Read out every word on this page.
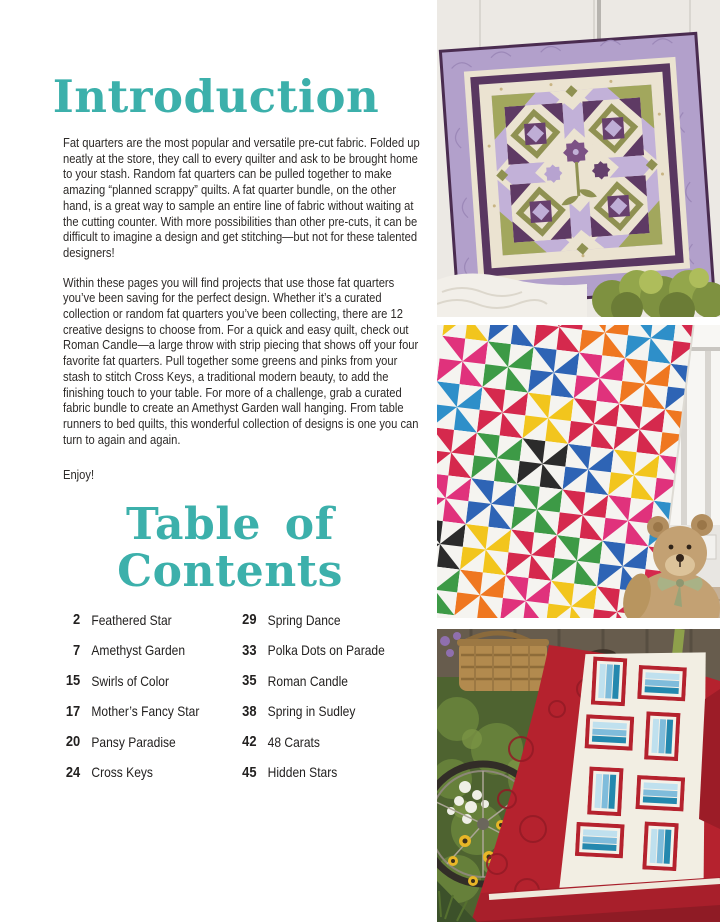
Introduction

Fat quarters are the most popular and versatile pre-cut fabric. Folded up neatly at the store, they call to every quilter and ask to be brought home to your stash. Random fat quarters can be pulled together to make amazing “planned scrappy” quilts. A fat quarter bundle, on the other hand, is a great way to sample an entire line of fabric without waiting at the cutting counter. With more possibilities than other pre-cuts, it can be difficult to imagine a design and get stitching—but not for these talented designers!

Within these pages you will find projects that use those fat quarters you’ve been saving for the perfect design. Whether it’s a curated collection or random fat quarters you’ve been collecting, there are 12 creative designs to choose from. For a quick and easy quilt, check out Roman Candle—a large throw with strip piecing that shows off your four favorite fat quarters. Pull together some greens and pinks from your stash to stitch Cross Keys, a traditional modern beauty, to add the finishing touch to your table. For more of a challenge, grab a curated fabric bundle to create an Amethyst Garden wall hanging. From table runners to bed quilts, this wonderful collection of designs is one you can turn to again and again.

Enjoy!

Table of
Contents
2 Feathered Star
7 Amethyst Garden
15 Swirls of Color
17 Mother’s Fancy Star
20 Pansy Paradise
24 Cross Keys
29 Spring Dance
33 Polka Dots on Parade
35 Roman Candle
38 Spring in Sudley
42 48 Carats
45 Hidden Stars
